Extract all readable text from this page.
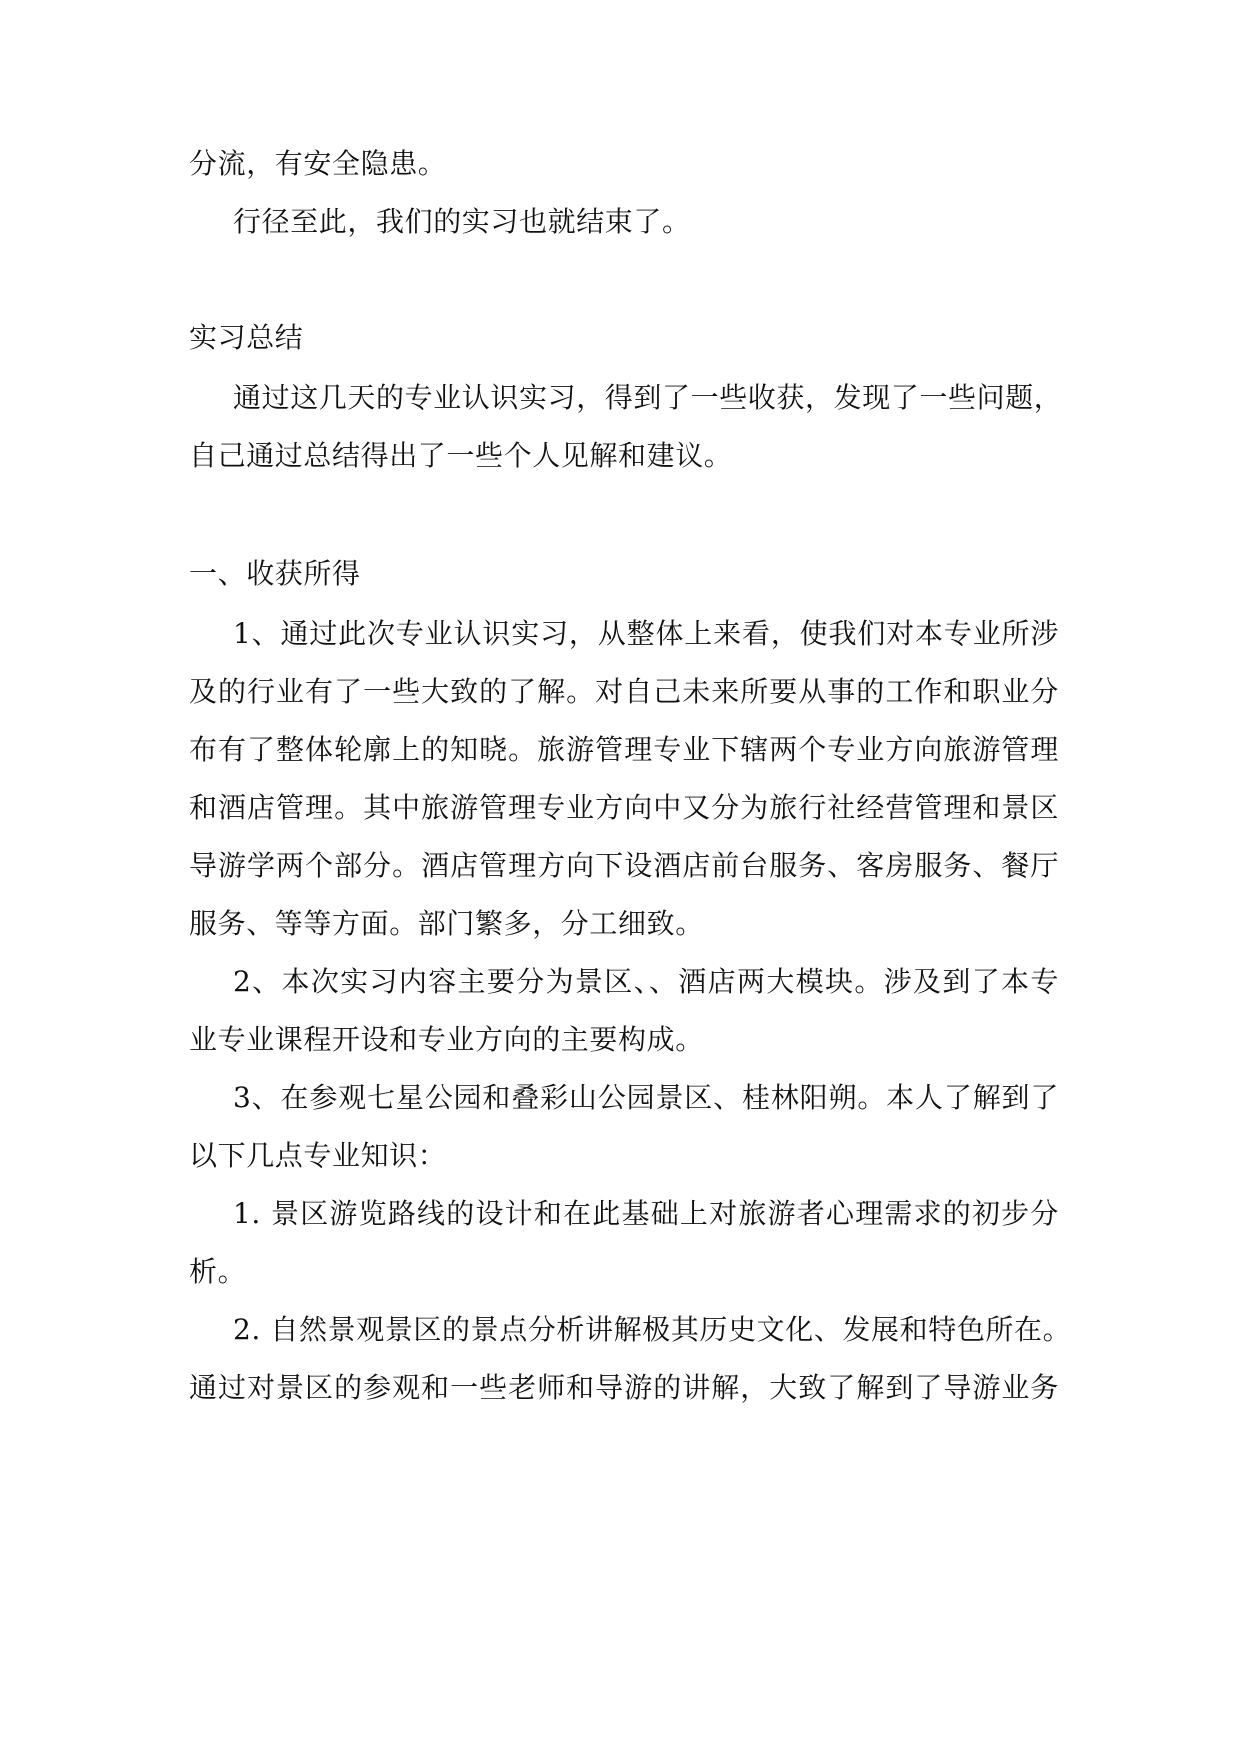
分流，有安全隐患。
行径至此，我们的实习也就结束了。
实习总结
通过这几天的专业认识实习，得到了一些收获，发现了一些问题，
自己通过总结得出了一些个人见解和建议。
一、收获所得
1、通过此次专业认识实习，从整体上来看，使我们对本专业所涉
及的行业有了一些大致的了解。对自己未来所要从事的工作和职业分
布有了整体轮廓上的知晓。旅游管理专业下辖两个专业方向旅游管理
和酒店管理。其中旅游管理专业方向中又分为旅行社经营管理和景区
导游学两个部分。酒店管理方向下设酒店前台服务、客房服务、餐厅
服务、等等方面。部门繁多，分工细致。
2、本次实习内容主要分为景区、、酒店两大模块。涉及到了本专
业专业课程开设和专业方向的主要构成。
3、在参观七星公园和叠彩山公园景区、桂林阳朔。本人了解到了
以下几点专业知识：
1. 景区游览路线的设计和在此基础上对旅游者心理需求的初步分
析。
2. 自然景观景区的景点分析讲解极其历史文化、发展和特色所在。
通过对景区的参观和一些老师和导游的讲解，大致了解到了导游业务
